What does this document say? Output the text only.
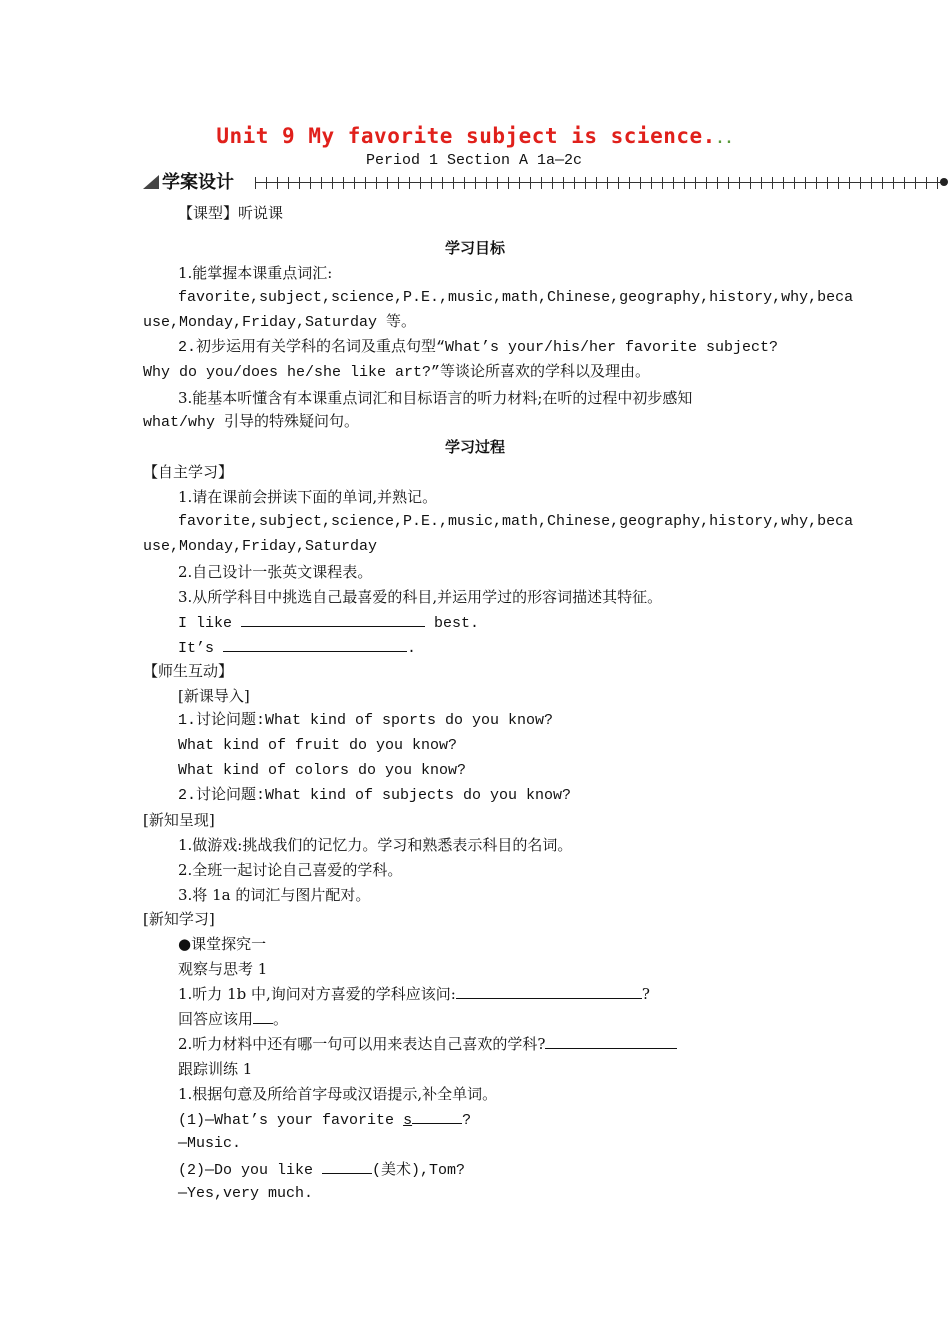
Unit 9 My favorite subject is science...
Period 1 Section A 1a—2c
学案设计
【课型】听说课
学习目标
1.能掌握本课重点词汇:
favorite,subject,science,P.E.,music,math,Chinese,geography,history,why,beca
use,Monday,Friday,Saturday 等。
2.初步运用有关学科的名词及重点句型“What’s your/his/her favorite subject?
Why do you/does he/she like art?”等谈论所喜欢的学科以及理由。
3.能基本听懂含有本课重点词汇和目标语言的听力材料;在听的过程中初步感知
what/why 引导的特殊疑问句。
学习过程
【自主学习】
1.请在课前会拼读下面的单词,并熟记。
favorite,subject,science,P.E.,music,math,Chinese,geography,history,why,beca
use,Monday,Friday,Saturday
2.自己设计一张英文课程表。
3.从所学科目中挑选自己最喜爱的科目,并运用学过的形容词描述其特征。
I like	best.
It’s	.
【师生互动】
[新课导入]
1.讨论问题:What kind of sports do you know?
What kind of fruit do you know?
What kind of colors do you know?
2.讨论问题:What kind of subjects do you know?
[新知呈现]
1.做游戏:挑战我们的记忆力。学习和熟悉表示科目的名词。
2.全班一起讨论自己喜爱的学科。
3.将 1a 的词汇与图片配对。
[新知学习]
●课堂探究一
观察与思考 1
1.听力 1b 中,询问对方喜爱的学科应该问:	?
回答应该用 。
2.听力材料中还有哪一句可以用来表达自己喜欢的学科?
跟踪训练 1
1.根据句意及所给首字母或汉语提示,补全单词。
(1)—What’s your favorite s	?
—Music.
(2)—Do you like	(美术),Tom?
—Yes,very much.
